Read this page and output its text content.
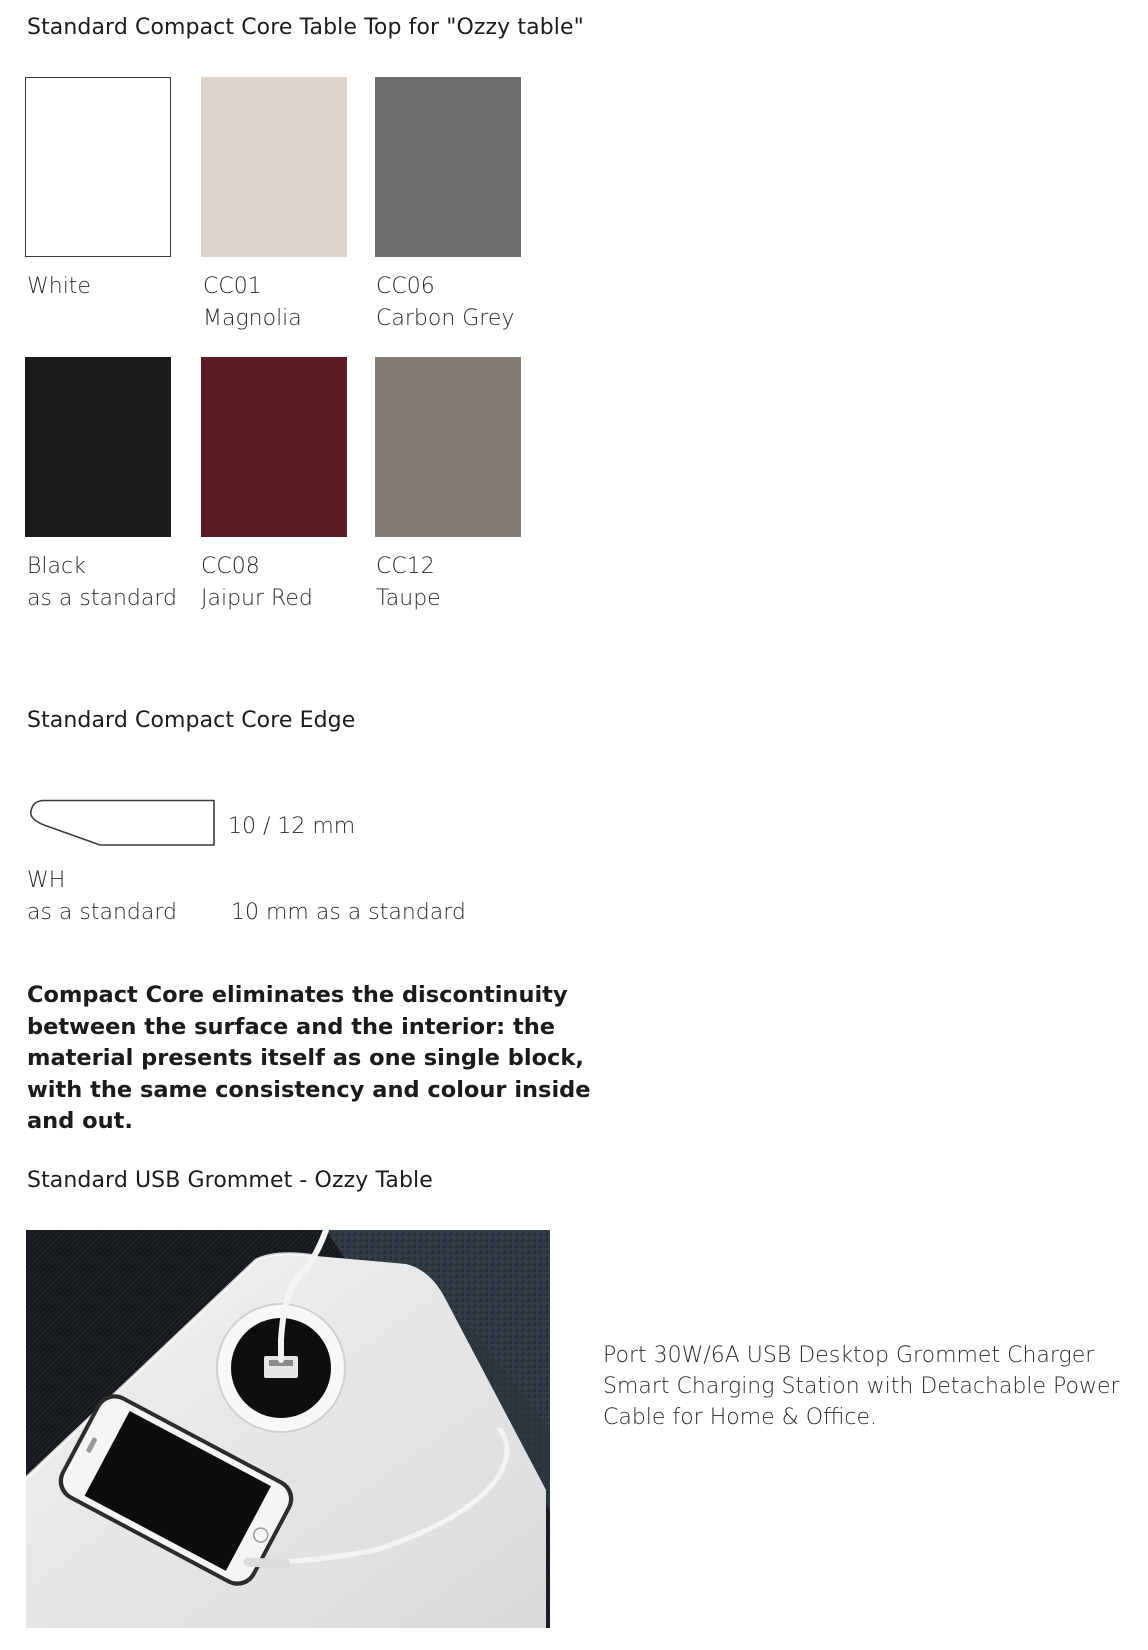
Standard Compact Core Table Top for "Ozzy table"
White	CC01
Magnolia
CC06
Carbon Grey
Black
as a standard
CC08
Jaipur Red
CC12
Taupe
Standard Compact Core Edge
10 / 12 mm
WH
as a standard 10 mm as a standard
Compact Core eliminates the discontinuity between the surface and the interior: the material presents itself as one single block, with the same consistency and colour inside and out.
Standard USB Grommet - Ozzy Table
Port 30W/6A USB Desktop Grommet Charger Smart Charging Station with Detachable Power Cable for Home & Office.
